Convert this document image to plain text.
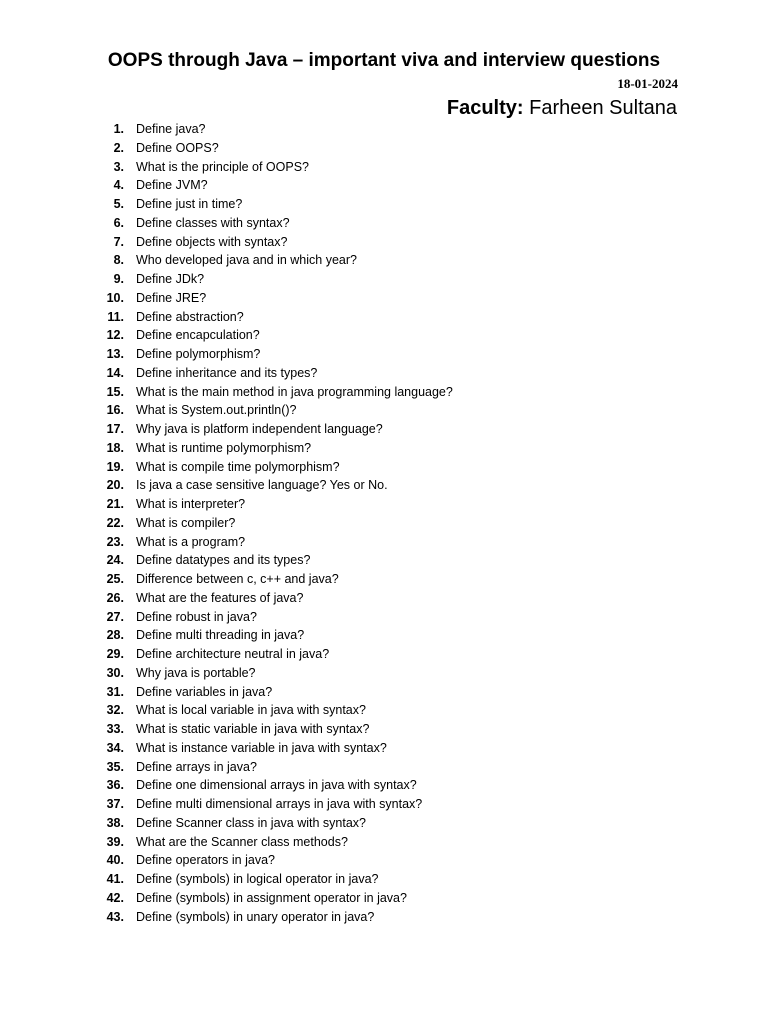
OOPS through Java – important viva and interview questions
18-01-2024
Faculty: Farheen Sultana
1. Define java?
2. Define OOPS?
3. What is the principle of OOPS?
4. Define JVM?
5. Define just in time?
6. Define classes with syntax?
7. Define objects with syntax?
8. Who developed java and in which year?
9. Define JDk?
10. Define JRE?
11. Define abstraction?
12. Define encapculation?
13. Define polymorphism?
14. Define inheritance and its types?
15. What is the main method in java programming language?
16. What is System.out.println()?
17. Why java is platform independent language?
18. What is runtime polymorphism?
19. What is compile time polymorphism?
20. Is java a case sensitive language? Yes or No.
21. What is interpreter?
22. What is compiler?
23. What is a program?
24. Define datatypes and its types?
25. Difference between c, c++ and java?
26. What are the features of java?
27. Define robust in java?
28. Define multi threading in java?
29. Define architecture neutral in java?
30. Why java is portable?
31. Define variables in java?
32. What is local variable in java with syntax?
33. What is static variable in java with syntax?
34. What is instance variable in java with syntax?
35. Define arrays in java?
36. Define one dimensional arrays in java with syntax?
37. Define multi dimensional arrays in java with syntax?
38. Define Scanner class in java with syntax?
39. What are the Scanner class methods?
40. Define operators in java?
41. Define (symbols) in logical operator in java?
42. Define (symbols) in assignment operator in java?
43. Define (symbols) in unary operator in java?
